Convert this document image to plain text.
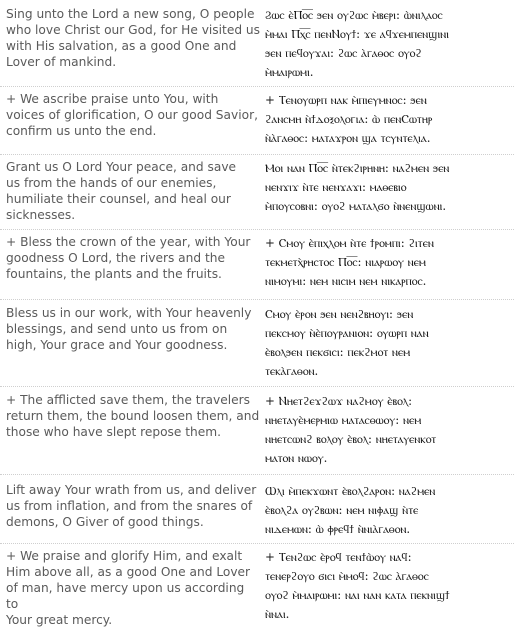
Sing unto the Lord a new song, O people
who love Christ our God, for He visited us
with His salvation, as a good One and
Lover of mankind.
Ϩⲱⲥ ⲉ̀Ⲡⲟ̅ⲥ̅ ϧⲉⲛ ⲟⲩϩⲱⲥ ⲙ̀ⲃⲉⲣⲓ: ⲱ̀ⲛⲓⲗⲁⲟⲥ
ⲙ̀ⲙⲁⲓ Ⲡⲭ̅ⲥ̅ ⲡⲉⲛⲚⲟⲩϯ: ϫⲉ ⲁϥϫⲉⲙⲡⲉⲛϣⲓⲛⲓ
ϧⲉⲛ ⲡⲉϥⲟⲩϫⲁⲓ: ϩⲱⲥ ⲁ̀ⲅⲁⲑⲟⲥ ⲟⲩⲟϩ
ⲙ̀ⲙⲁⲓⲣⲱⲙⲓ.
+ We ascribe praise unto You, with
voices of glorification, O our good Savior,
confirm us unto the end.
+ Ⲧⲉⲛⲟⲩⲱⲣⲡ ⲛⲁⲕ ⲙ̀ⲡⲓⲉⲩⲙⲛⲟⲥ: ϧⲉⲛ
ϩⲁⲛⲥⲙⲏ ⲛ̀ϯⲇⲟⲝⲟⲗⲟⲅⲓⲁ: ⲱ̀ ⲡⲉⲛⲤⲱⲧⲏⲣ
ⲛ̀ⲁ̀ⲅⲁⲑⲟⲥ: ⲙⲁⲧⲁϫⲣⲟⲛ ϣⲁ ⲧⲥⲩⲛⲧⲉⲗⲓⲁ.
Grant us O Lord Your peace, and save
us from the hands of our enemies,
humiliate their counsel, and heal our
sicknesses.
Ⲙⲟⲓ ⲛⲁⲛ Ⲡⲟ̅ⲥ̅ ⲛ̀ⲧⲉⲕϩⲓⲣⲏⲛⲏ: ⲛⲁϩⲙⲉⲛ ϧⲉⲛ
ⲛⲉⲛϫⲓϫ ⲛ̀ⲧⲉ ⲛⲉⲛϫⲁϫⲓ: ⲙⲁⲑⲉⲃⲓⲟ
ⲙ̀ⲡⲟⲩⲥⲟⲃⲛⲓ: ⲟⲩⲟϩ ⲙⲁⲧⲁⲗϭⲟ ⲛ̀ⲛⲉⲛϣⲱⲛⲓ.
+ Bless the crown of the year, with Your
goodness O Lord, the rivers and the
fountains, the plants and the fruits.
+ Ⲥⲙⲟⲩ ⲉ̀ⲡⲓⲭⲗⲟⲙ ⲛ̀ⲧⲉ ϯⲣⲟⲙⲡⲓ: ϩⲓⲧⲉⲛ
ⲧⲉⲕⲙⲉⲧⲭ̀ⲣⲏⲥⲧⲟⲥ Ⲡⲟ̅ⲥ̅: ⲛⲓⲁⲣⲱⲟⲩ ⲛⲉⲙ
ⲛⲓⲙⲟⲩⲙⲓ: ⲛⲉⲙ ⲛⲓⲥⲓⲙ ⲛⲉⲙ ⲛⲓⲕⲁⲣⲡⲟⲥ.
Bless us in our work, with Your heavenly
blessings, and send unto us from on
high, Your grace and Your goodness.
Ⲥⲙⲟⲩ ⲉ̀ⲣⲟⲛ ϧⲉⲛ ⲛⲉⲛϩⲃⲏⲟⲩⲓ: ϧⲉⲛ
ⲡⲉⲕⲥⲙⲟⲩ ⲛ̀ⲉ̀ⲡⲟⲩⲣⲁⲛⲓⲟⲛ: ⲟⲩⲱⲣⲡ ⲛⲁⲛ
ⲉ̀ⲃⲟⲗϧⲉⲛ ⲡⲉⲕϭⲓⲥⲓ: ⲡⲉⲕϩⲙⲟⲧ ⲛⲉⲙ
ⲧⲉⲕⲁ̀ⲅⲁⲑⲟⲛ.
+ The afflicted save them, the travelers
return them, the bound loosen them, and
those who have slept repose them.
+ Ⲛⲏⲉⲧϩⲉϫϩⲱϫ ⲛⲁϩⲙⲟⲩ ⲉ̀ⲃⲟⲗ:
ⲛⲏⲉⲧⲁⲩⲉ̀ⲙⲉⲣⲙⲓⲱ ⲙⲁⲧⲁⲥⲑⲱⲟⲩ: ⲛⲉⲙ
ⲛⲏⲉⲧⲥⲱⲛϩ ⲃⲟⲗⲟⲩ ⲉ̀ⲃⲟⲗ: ⲛⲏⲉⲧⲁⲩⲉⲛⲕⲟⲧ
ⲙⲁⲧⲟⲛ ⲛⲱⲟⲩ.
Lift away Your wrath from us, and deliver
us from inflation, and from the snares of
demons, O Giver of good things.
Ⲱⲗⲓ ⲙ̀ⲡⲉⲕϫⲱⲛⲧ ⲉ̀ⲃⲟⲗϩⲁⲣⲟⲛ: ⲛⲁϩⲙⲉⲛ
ⲉ̀ⲃⲟⲗϩⲁ ⲟⲩϩⲃⲱⲛ: ⲛⲉⲙ ⲛⲓⲫⲁϣ ⲛ̀ⲧⲉ
ⲛⲓⲇⲉⲙⲱⲛ: ⲱ̀ ⲫⲣⲉϥϯ ⲛ̀ⲛⲓⲁ̀ⲅⲁⲑⲟⲛ.
+ We praise and glorify Him, and exalt
Him above all, as a good One and Lover
of man, have mercy upon us according to
Your great mercy.
+ Ⲧⲉⲛϩⲱⲥ ⲉ̀ⲣⲟϥ ⲧⲉⲛϯⲱ̀ⲟⲩ ⲛⲁϥ:
ⲧⲉⲛⲉⲣϩⲟⲩⲟ ϭⲓⲥⲓ ⲙ̀ⲙⲟϥ: ϩⲱⲥ ⲁ̀ⲅⲁⲑⲟⲥ
ⲟⲩⲟϩ ⲙ̀ⲙⲁⲓⲣⲱⲙⲓ: ⲛⲁⲓ ⲛⲁⲛ ⲕⲁⲧⲁ ⲡⲉⲕⲛⲓϣϯ
ⲛ̀ⲛⲁⲓ.
